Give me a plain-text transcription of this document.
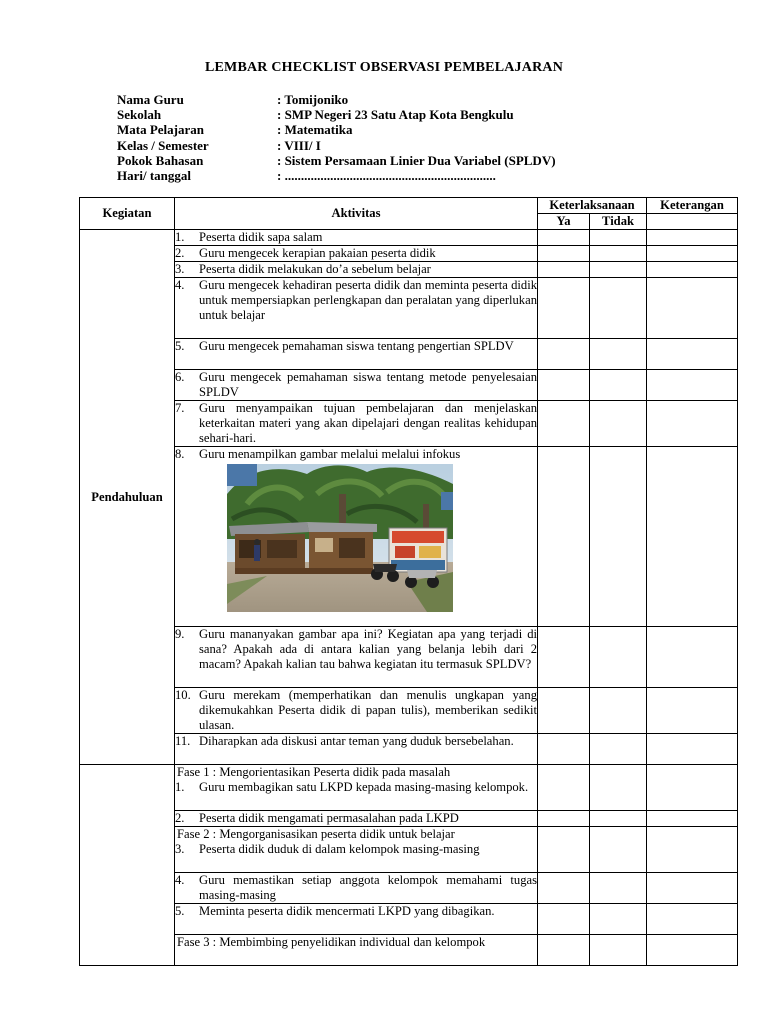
LEMBAR CHECKLIST OBSERVASI PEMBELAJARAN
Nama Guru	: Tomijoniko
Sekolah	: SMP Negeri 23 Satu Atap Kota Bengkulu
Mata Pelajaran	: Matematika
Kelas / Semester	: VIII/ I
Pokok Bahasan	: Sistem Persamaan Linier Dua Variabel (SPLDV)
Hari/ tanggal	: .................................................................
Kegiatan	Aktivitas	Keterlaksanaan		Keterangan
		Ya	Tidak	
Pendahuluan	1. Peserta didik sapa salam			

	2. Guru mengecek kerapian pakaian peserta didik			

	3. Peserta didik melakukan do’a sebelum belajar			

	4. Guru mengecek kehadiran peserta didik dan meminta peserta didik untuk mempersiapkan perlengkapan dan peralatan yang diperlukan untuk belajar			

	5. Guru mengecek pemahaman siswa tentang pengertian SPLDV			

	6. Guru mengecek pemahaman siswa tentang metode penyelesaian SPLDV			

	7. Guru menyampaikan tujuan pembelajaran dan menjelaskan keterkaitan materi yang akan dipelajari dengan realitas kehidupan sehari-hari.			

	8. Guru menampilkan gambar melalui melalui infokus			

	9. Guru mananyakan gambar apa ini? Kegiatan apa yang terjadi di sana? Apakah ada di antara kalian yang belanja lebih dari 2 macam? Apakah kalian tau bahwa kegiatan itu termasuk SPLDV?			

	10. Guru merekam (memperhatikan dan menulis ungkapan yang dikemukahkan Peserta didik di papan tulis), memberikan sedikit ulasan.			

	11. Diharapkan ada diskusi antar teman yang duduk bersebelahan.			

	Fase 1 : Mengorientasikan Peserta didik pada masalah
1. Guru membagikan satu LKPD kepada masing-masing kelompok.			

	2. Peserta didik mengamati permasalahan pada LKPD			

	Fase 2 : Mengorganisasikan peserta didik untuk belajar
3. Peserta didik duduk di dalam kelompok masing-masing			

	4. Guru memastikan setiap anggota kelompok memahami tugas masing-masing			

	5. Meminta peserta didik mencermati LKPD yang dibagikan.			

	Fase 3 : Membimbing penyelidikan individual dan kelompok			
